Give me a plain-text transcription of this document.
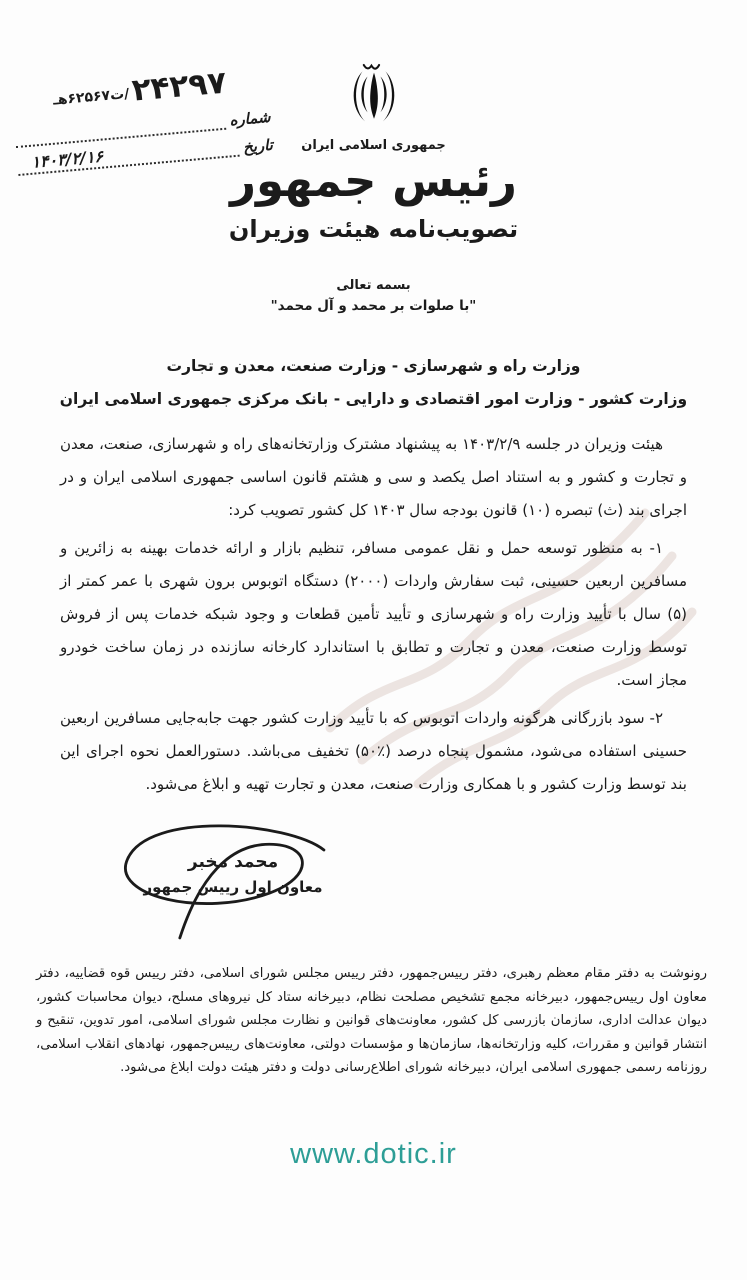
۲۴۲۹۷
/ت۶۲۵۶۷هـ
شماره
تاریخ
۱۴۰۳/۲/۱۶
جمهوری اسلامی ایران
رئیس جمهور
تصویب‌نامه هیئت وزیران
بسمه تعالی
"با صلوات بر محمد و آل محمد"
وزارت راه و شهرسازی - وزارت صنعت، معدن و تجارت
وزارت کشور - وزارت امور اقتصادی و دارایی - بانک مرکزی جمهوری اسلامی ایران

هیئت وزیران در جلسه ۱۴۰۳/۲/۹ به پیشنهاد مشترک وزارتخانه‌های راه و شهرسازی، صنعت، معدن و تجارت و کشور و به استناد اصل یکصد و سی و هشتم قانون اساسی جمهوری اسلامی ایران و در اجرای بند (ث) تبصره (۱۰) قانون بودجه سال ۱۴۰۳ کل کشور تصویب کرد:

۱- به منظور توسعه حمل و نقل عمومی مسافر، تنظیم بازار و ارائه خدمات بهینه به زائرین و مسافرین اربعین حسینی، ثبت سفارش واردات (۲۰۰۰) دستگاه اتوبوس برون شهری با عمر کمتر از (۵) سال با تأیید وزارت راه و شهرسازی و تأیید تأمین قطعات و وجود شبکه خدمات پس از فروش توسط وزارت صنعت، معدن و تجارت و تطابق با استاندارد کارخانه سازنده در زمان ساخت خودرو مجاز است.

۲- سود بازرگانی هرگونه واردات اتوبوس که با تأیید وزارت کشور جهت جابه‌جایی مسافرین اربعین حسینی استفاده می‌شود، مشمول پنجاه درصد (٪۵۰) تخفیف می‌باشد. دستورالعمل نحوه اجرای این بند توسط وزارت کشور و با همکاری وزارت صنعت، معدن و تجارت تهیه و ابلاغ می‌شود.

محمد مخبر
معاون اول رییس جمهور

رونوشت به دفتر مقام معظم رهبری، دفتر رییس‌جمهور، دفتر رییس مجلس شورای اسلامی، دفتر رییس قوه قضاییه، دفتر معاون اول رییس‌جمهور، دبیرخانه مجمع تشخیص مصلحت نظام، دبیرخانه ستاد کل نیروهای مسلح، دیوان محاسبات کشور، دیوان عدالت اداری، سازمان بازرسی کل کشور، معاونت‌های قوانین و نظارت مجلس شورای اسلامی، امور تدوین، تنقیح و انتشار قوانین و مقررات، کلیه وزارتخانه‌ها، سازمان‌ها و مؤسسات دولتی، معاونت‌های رییس‌جمهور، نهادهای انقلاب اسلامی، روزنامه رسمی جمهوری اسلامی ایران، دبیرخانه شورای اطلاع‌رسانی دولت و دفتر هیئت دولت ابلاغ می‌شود.

www.dotic.ir
